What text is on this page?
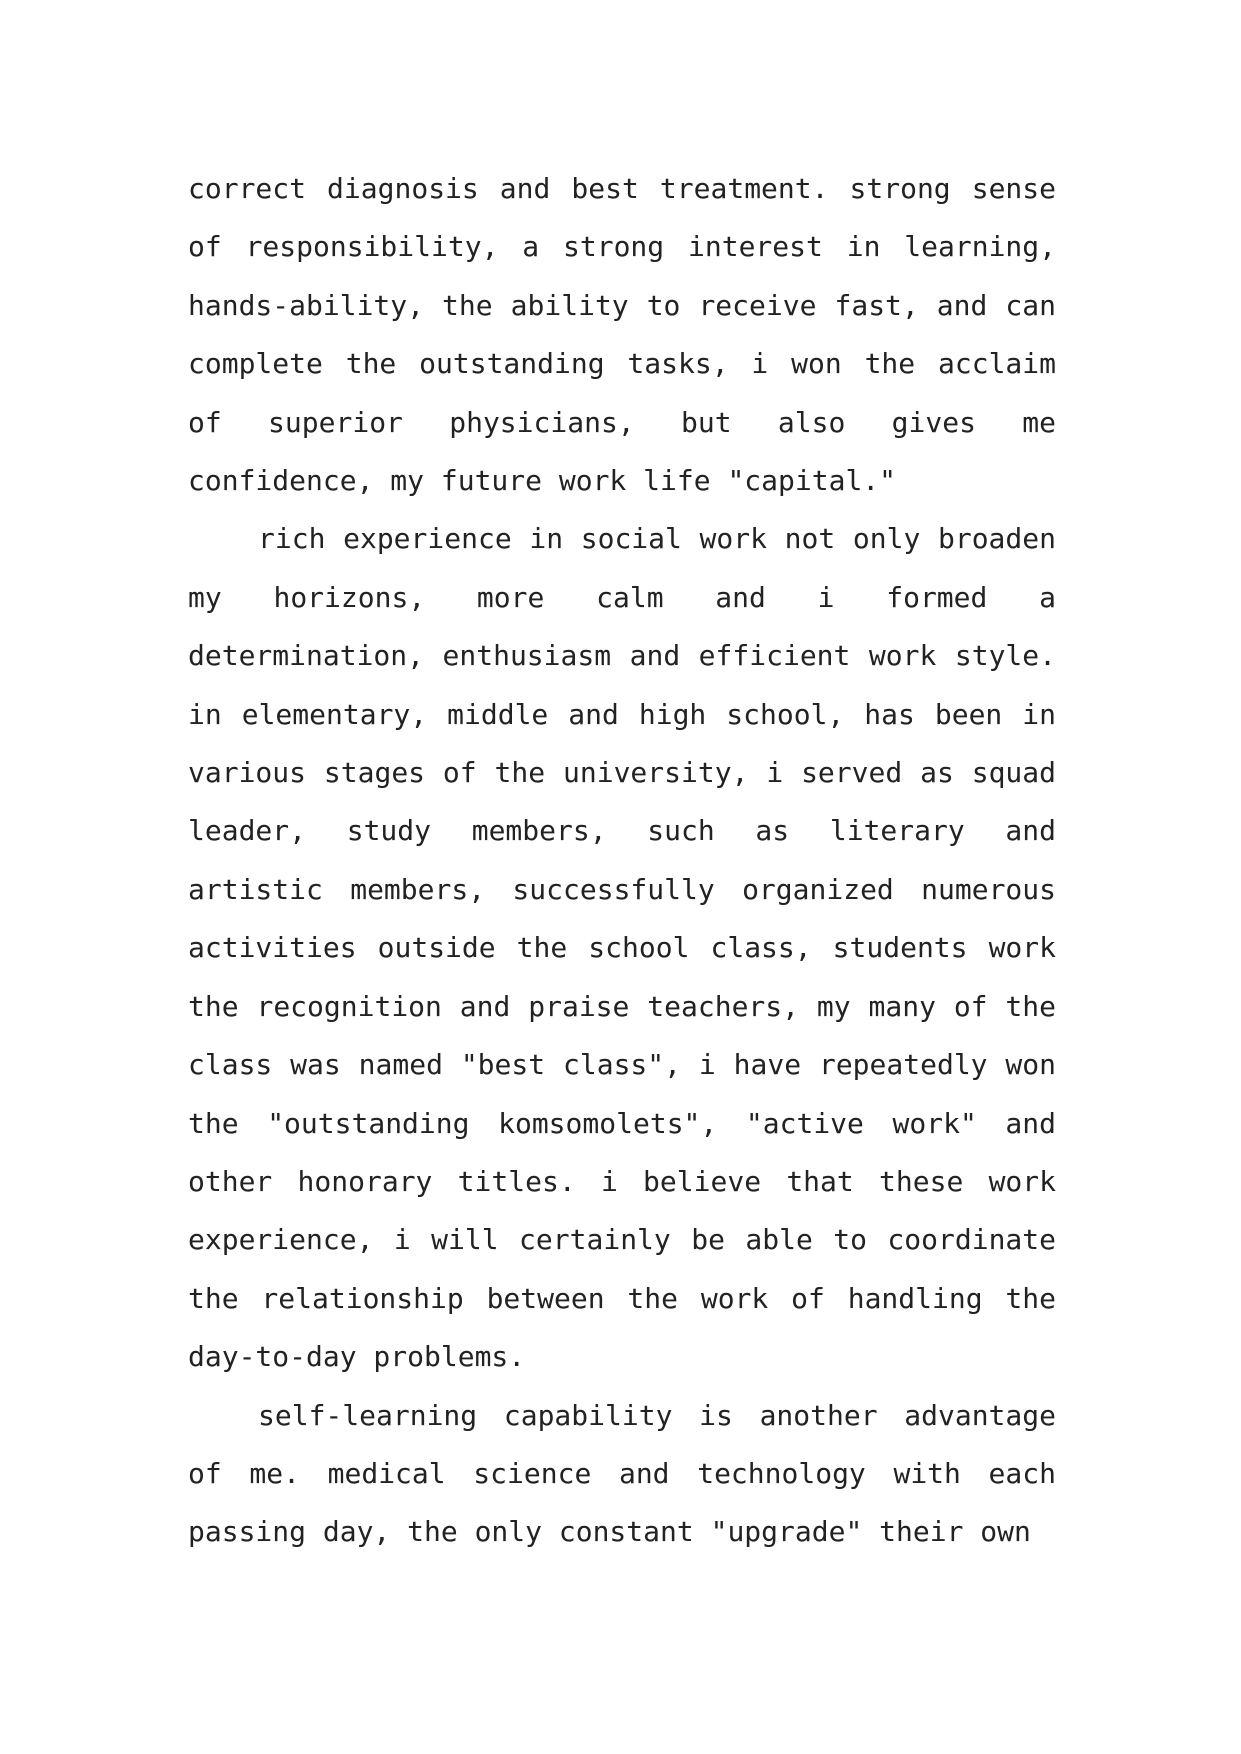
correct diagnosis and best treatment. strong sense of responsibility, a strong interest in learning, hands-ability, the ability to receive fast, and can complete the outstanding tasks, i won the acclaim of superior physicians, but also gives me confidence, my future work life "capital."

rich experience in social work not only broaden my horizons, more calm and i formed a determination, enthusiasm and efficient work style. in elementary, middle and high school, has been in various stages of the university, i served as squad leader, study members, such as literary and artistic members, successfully organized numerous activities outside the school class, students work the recognition and praise teachers, my many of the class was named "best class", i have repeatedly won the "outstanding komsomolets", "active work" and other honorary titles. i believe that these work experience, i will certainly be able to coordinate the relationship between the work of handling the day-to-day problems.

self-learning capability is another advantage of me. medical science and technology with each passing day, the only constant "upgrade" their own
